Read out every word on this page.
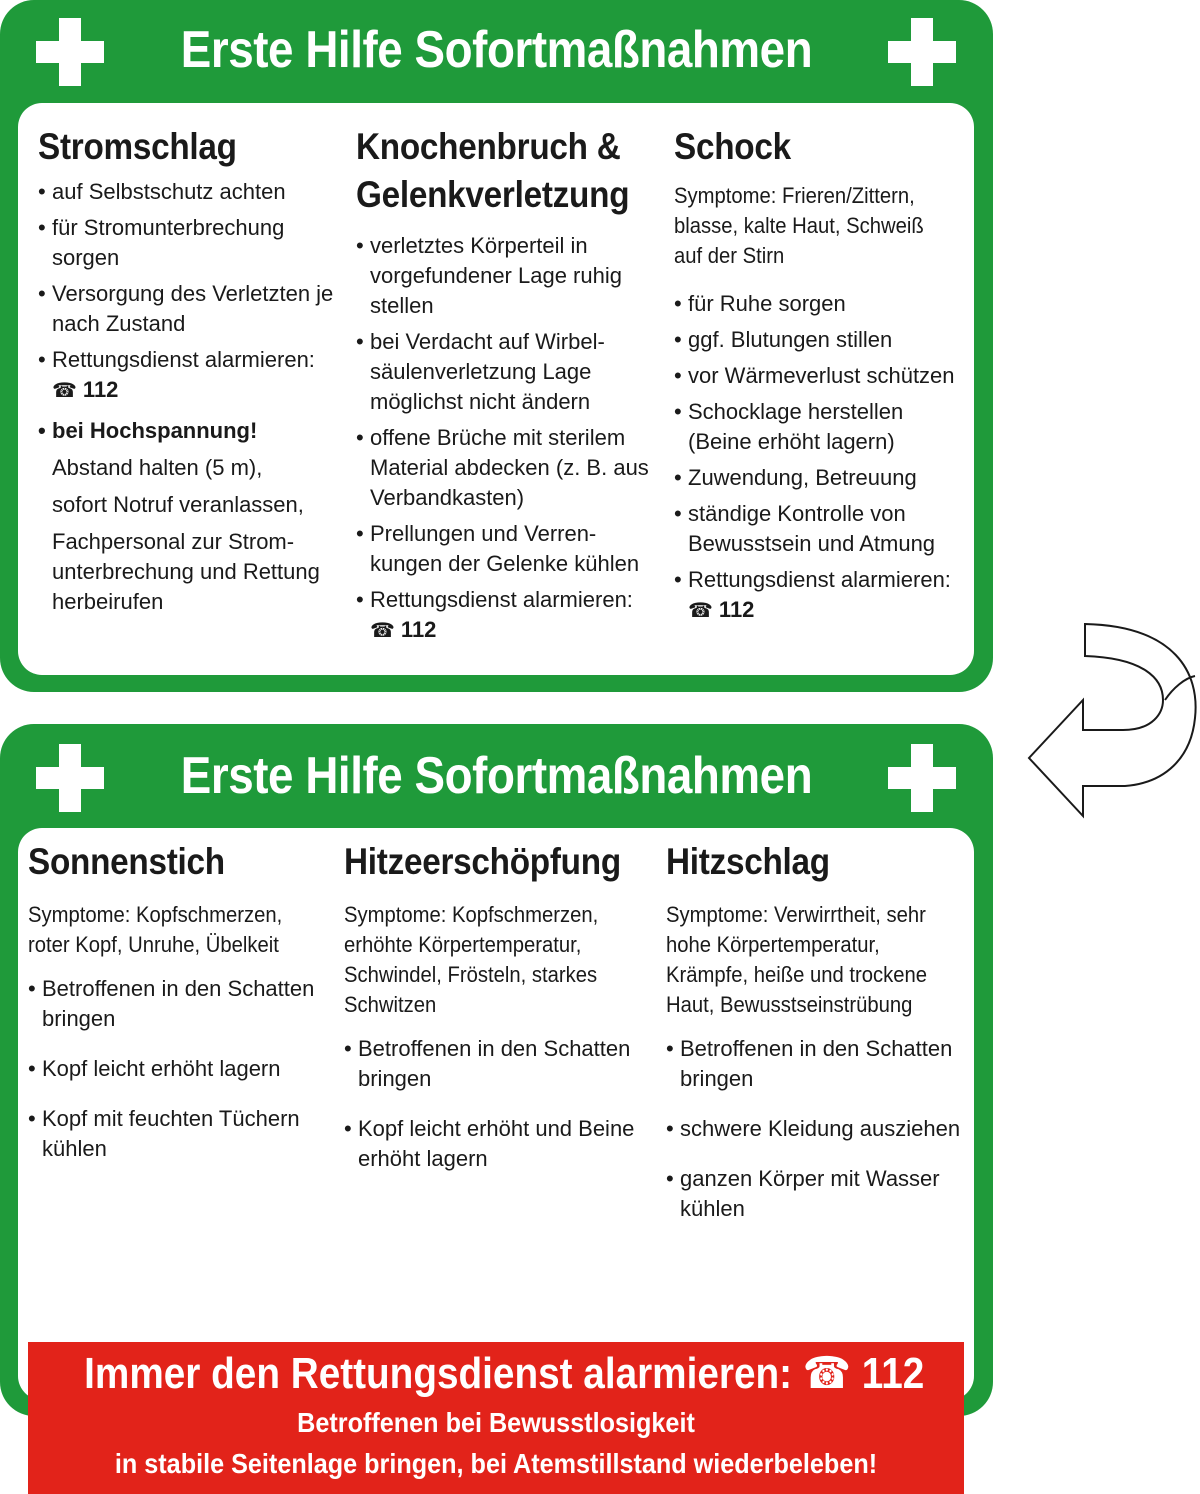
Erste Hilfe Sofortmaßnahmen
Stromschlag
• auf Selbstschutz achten
• für Stromunterbrechung sorgen
• Versorgung des Verletzten je nach Zustand
• Rettungsdienst alarmieren:
☎ 112
• bei Hochspannung!
Abstand halten (5 m),
sofort Notruf veranlassen,
Fachpersonal zur Strom-unterbrechung und Rettung herbeirufen
Knochenbruch &
Gelenkverletzung
• verletztes Körperteil in vorgefundener Lage ruhig stellen
• bei Verdacht auf Wirbel-säulenverletzung Lage möglichst nicht ändern
• offene Brüche mit sterilem Material abdecken (z. B. aus Verbandkasten)
• Prellungen und Verren-kungen der Gelenke kühlen
• Rettungsdienst alarmieren:
☎ 112
Schock
Symptome: Frieren/Zittern, blasse, kalte Haut, Schweiß auf der Stirn
• für Ruhe sorgen
• ggf. Blutungen stillen
• vor Wärmeverlust schützen
• Schocklage herstellen (Beine erhöht lagern)
• Zuwendung, Betreuung
• ständige Kontrolle von Bewusstsein und Atmung
• Rettungsdienst alarmieren:
☎ 112
Erste Hilfe Sofortmaßnahmen
Sonnenstich
Symptome: Kopfschmerzen, roter Kopf, Unruhe, Übelkeit
• Betroffenen in den Schatten bringen
• Kopf leicht erhöht lagern
• Kopf mit feuchten Tüchern kühlen
Hitzeerschöpfung
Symptome: Kopfschmerzen, erhöhte Körpertemperatur, Schwindel, Frösteln, starkes Schwitzen
• Betroffenen in den Schatten bringen
• Kopf leicht erhöht und Beine erhöht lagern
Hitzschlag
Symptome: Verwirrtheit, sehr hohe Körpertemperatur, Krämpfe, heiße und trockene Haut, Bewusstseinstrübung
• Betroffenen in den Schatten bringen
• schwere Kleidung ausziehen
• ganzen Körper mit Wasser kühlen
Immer den Rettungsdienst alarmieren: ☎ 112
Betroffenen bei Bewusstlosigkeit
in stabile Seitenlage bringen, bei Atemstillstand wiederbeleben!
